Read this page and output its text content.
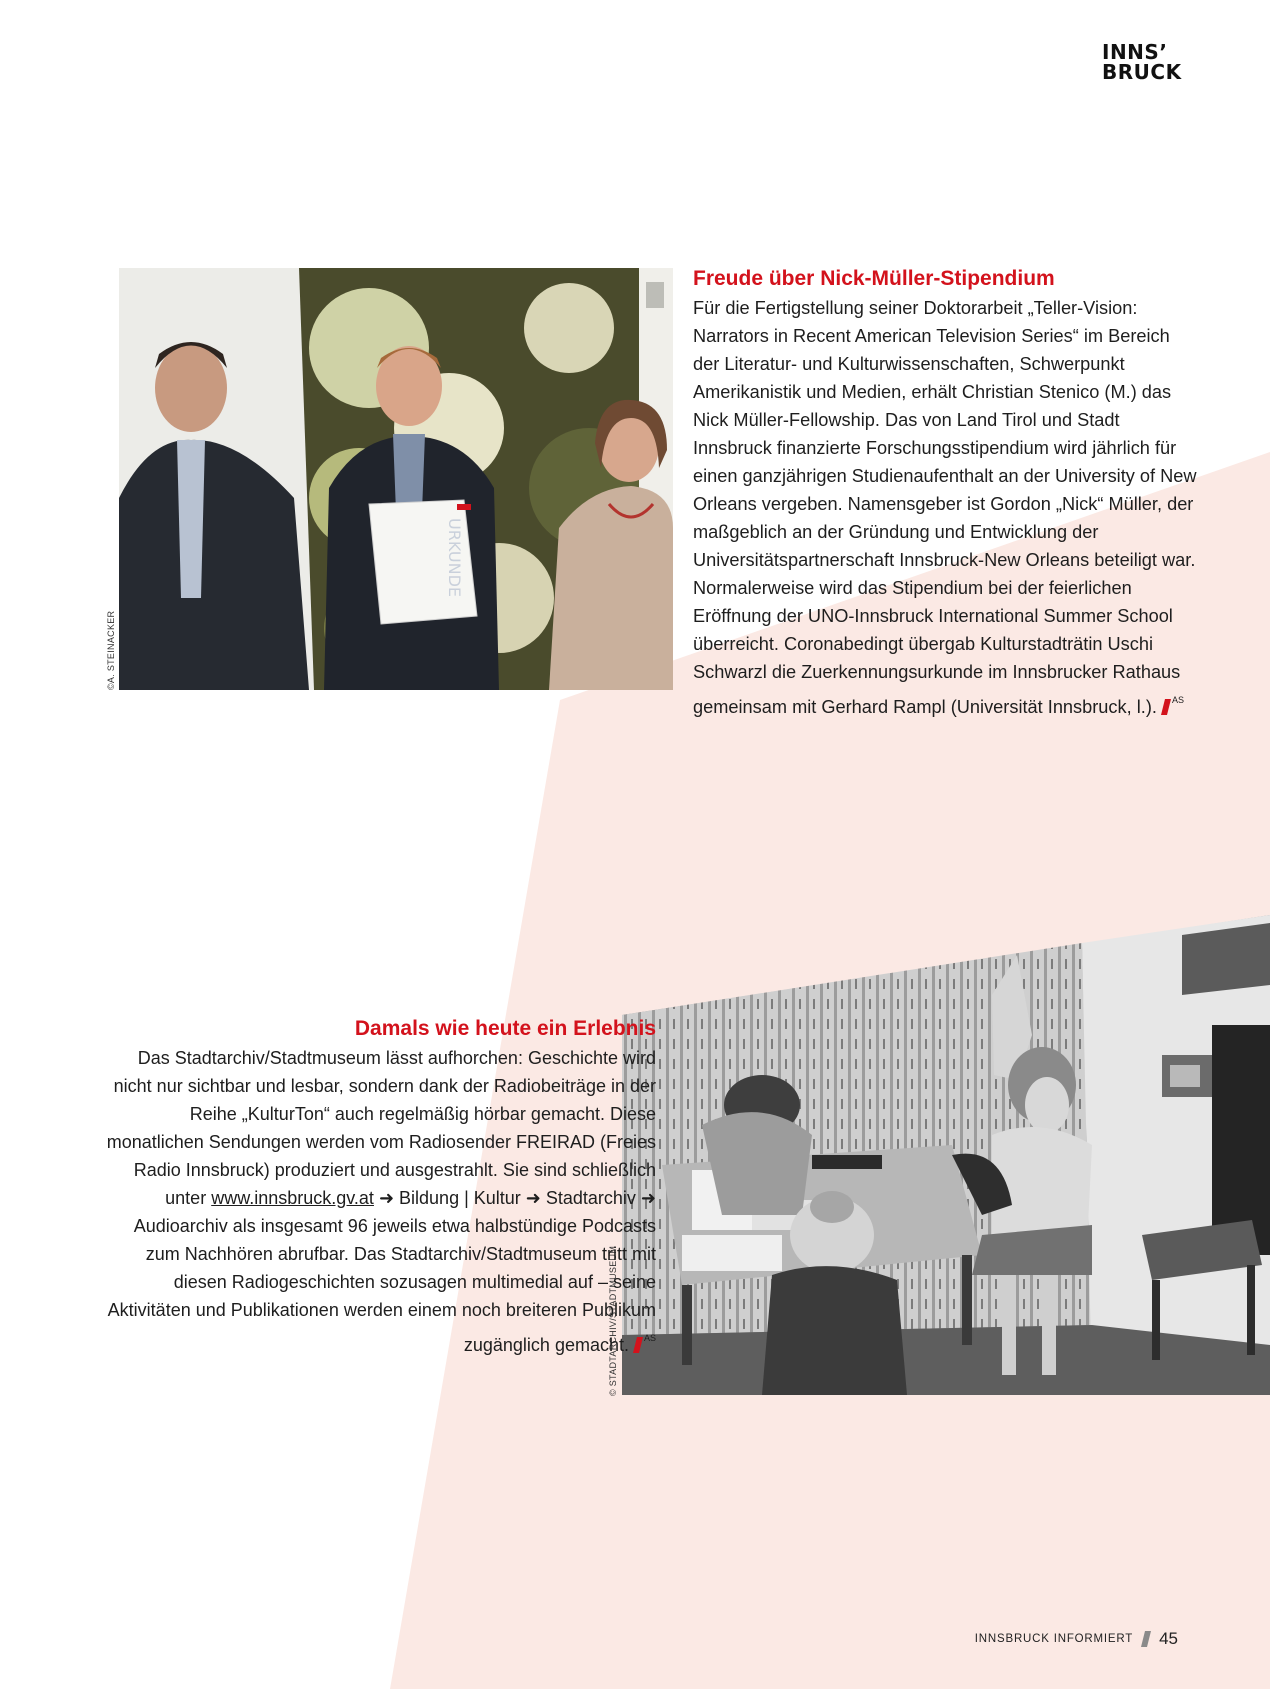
INNS’
BRUCK
URKUNDE
©A. STEINACKER
Freude über Nick-Müller-Stipendium

Für die Fertigstellung seiner Doktorarbeit „Teller-Vision: Narrators in Recent American Television Series“ im Bereich der Literatur- und Kulturwissenschaften, Schwerpunkt Amerikanistik und Medien, erhält Christian Stenico (M.) das Nick Müller-Fellowship. Das von Land Tirol und Stadt Innsbruck finanzierte Forschungsstipendium wird jährlich für einen ganzjährigen Studienaufenthalt an der University of New Orleans vergeben. Namensgeber ist Gordon „Nick“ Müller, der maßgeblich an der Gründung und Entwicklung der Universitätspartnerschaft Innsbruck-New Orleans beteiligt war. Normalerweise wird das Stipendium bei der feierlichen Eröffnung der UNO-Innsbruck International Summer School überreicht. Coronabedingt übergab Kulturstadträtin Uschi Schwarzl die Zuerkennungsurkunde im Innsbrucker Rathaus gemeinsam mit Gerhard Rampl (Universität Innsbruck, l.). $^{AS}$

© STADTARCHIV/STADTMUSEUM
Damals wie heute ein Erlebnis

Das Stadtarchiv/Stadtmuseum lässt aufhorchen: Geschichte wird nicht nur sichtbar und lesbar, sondern dank der Radiobeiträge in der Reihe „KulturTon“ auch regelmäßig hörbar gemacht. Diese monatlichen Sendungen werden vom Radiosender FREIRAD (Freies Radio Innsbruck) produziert und ausgestrahlt. Sie sind schließlich unter www.innsbruck.gv.at ➜ Bildung | Kultur ➜ Stadtarchiv ➜ Audioarchiv als insgesamt 96 jeweils etwa halbstündige Podcasts zum Nachhören abrufbar. Das Stadtarchiv/Stadtmuseum tritt mit diesen Radiogeschichten sozusagen multimedial auf – seine Aktivitäten und Publikationen werden einem noch breiteren Publikum zugänglich gemacht. $^{AS}$

INNSBRUCK INFORMIERT 45
